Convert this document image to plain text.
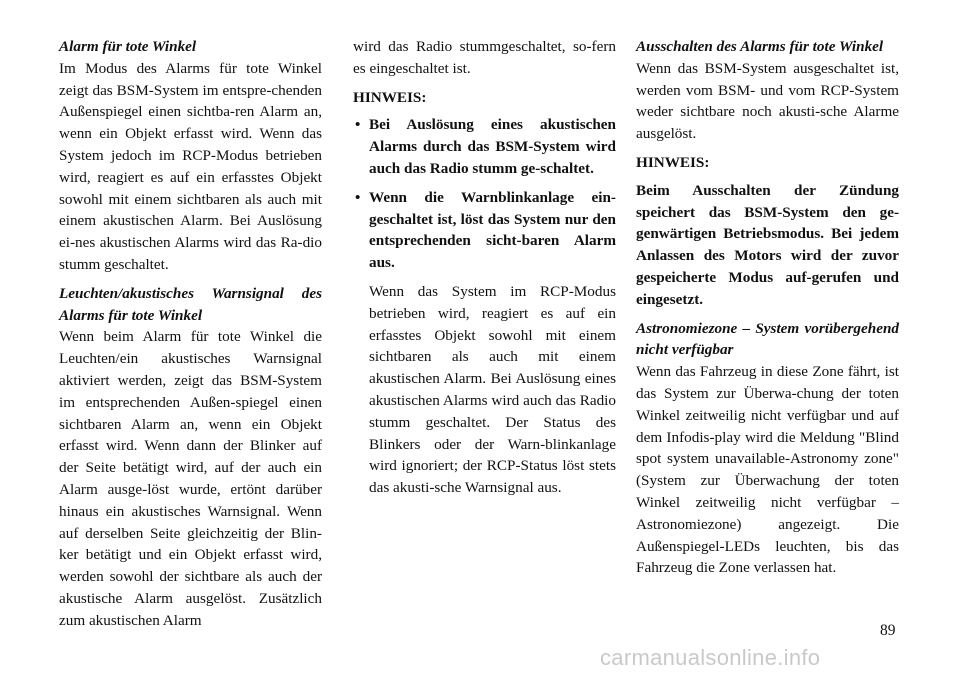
Alarm für tote Winkel
Im Modus des Alarms für tote Winkel zeigt das BSM-System im entspre-chenden Außenspiegel einen sichtba-ren Alarm an, wenn ein Objekt erfasst wird. Wenn das System jedoch im RCP-Modus betrieben wird, reagiert es auf ein erfasstes Objekt sowohl mit einem sichtbaren als auch mit einem akustischen Alarm. Bei Auslösung ei-nes akustischen Alarms wird das Ra-dio stumm geschaltet.

Leuchten/akustisches Warnsignal des Alarms für tote Winkel
Wenn beim Alarm für tote Winkel die Leuchten/ein akustisches Warnsignal aktiviert werden, zeigt das BSM-System im entsprechenden Außen-spiegel einen sichtbaren Alarm an, wenn ein Objekt erfasst wird. Wenn dann der Blinker auf der Seite betätigt wird, auf der auch ein Alarm ausge-löst wurde, ertönt darüber hinaus ein akustisches Warnsignal. Wenn auf derselben Seite gleichzeitig der Blin-ker betätigt und ein Objekt erfasst wird, werden sowohl der sichtbare als auch der akustische Alarm ausgelöst. Zusätzlich zum akustischen Alarm

wird das Radio stummgeschaltet, so-fern es eingeschaltet ist.

HINWEIS:

• Bei Auslösung eines akustischen Alarms durch das BSM-System wird auch das Radio stumm ge-schaltet.
• Wenn die Warnblinkanlage ein-geschaltet ist, löst das System nur den entsprechenden sicht-baren Alarm aus.

Wenn das System im RCP-Modus betrieben wird, reagiert es auf ein erfasstes Objekt sowohl mit einem sichtbaren als auch mit einem akustischen Alarm. Bei Auslösung eines akustischen Alarms wird auch das Radio stumm geschaltet. Der Status des Blinkers oder der Warn-blinkanlage wird ignoriert; der RCP-Status löst stets das akusti-sche Warnsignal aus.

Ausschalten des Alarms für tote Winkel
Wenn das BSM-System ausgeschaltet ist, werden vom BSM- und vom RCP-System weder sichtbare noch akusti-sche Alarme ausgelöst.

HINWEIS:

Beim Ausschalten der Zündung speichert das BSM-System den ge-genwärtigen Betriebsmodus. Bei jedem Anlassen des Motors wird der zuvor gespeicherte Modus auf-gerufen und eingesetzt.

Astronomiezone – System vorübergehend nicht verfügbar
Wenn das Fahrzeug in diese Zone fährt, ist das System zur Überwa-chung der toten Winkel zeitweilig nicht verfügbar und auf dem Infodis-play wird die Meldung "Blind spot system unavailable-Astronomy zone" (System zur Überwachung der toten Winkel zeitweilig nicht verfügbar – Astronomiezone) angezeigt. Die Außenspiegel-LEDs leuchten, bis das Fahrzeug die Zone verlassen hat.

89
carmanualsonline.info
